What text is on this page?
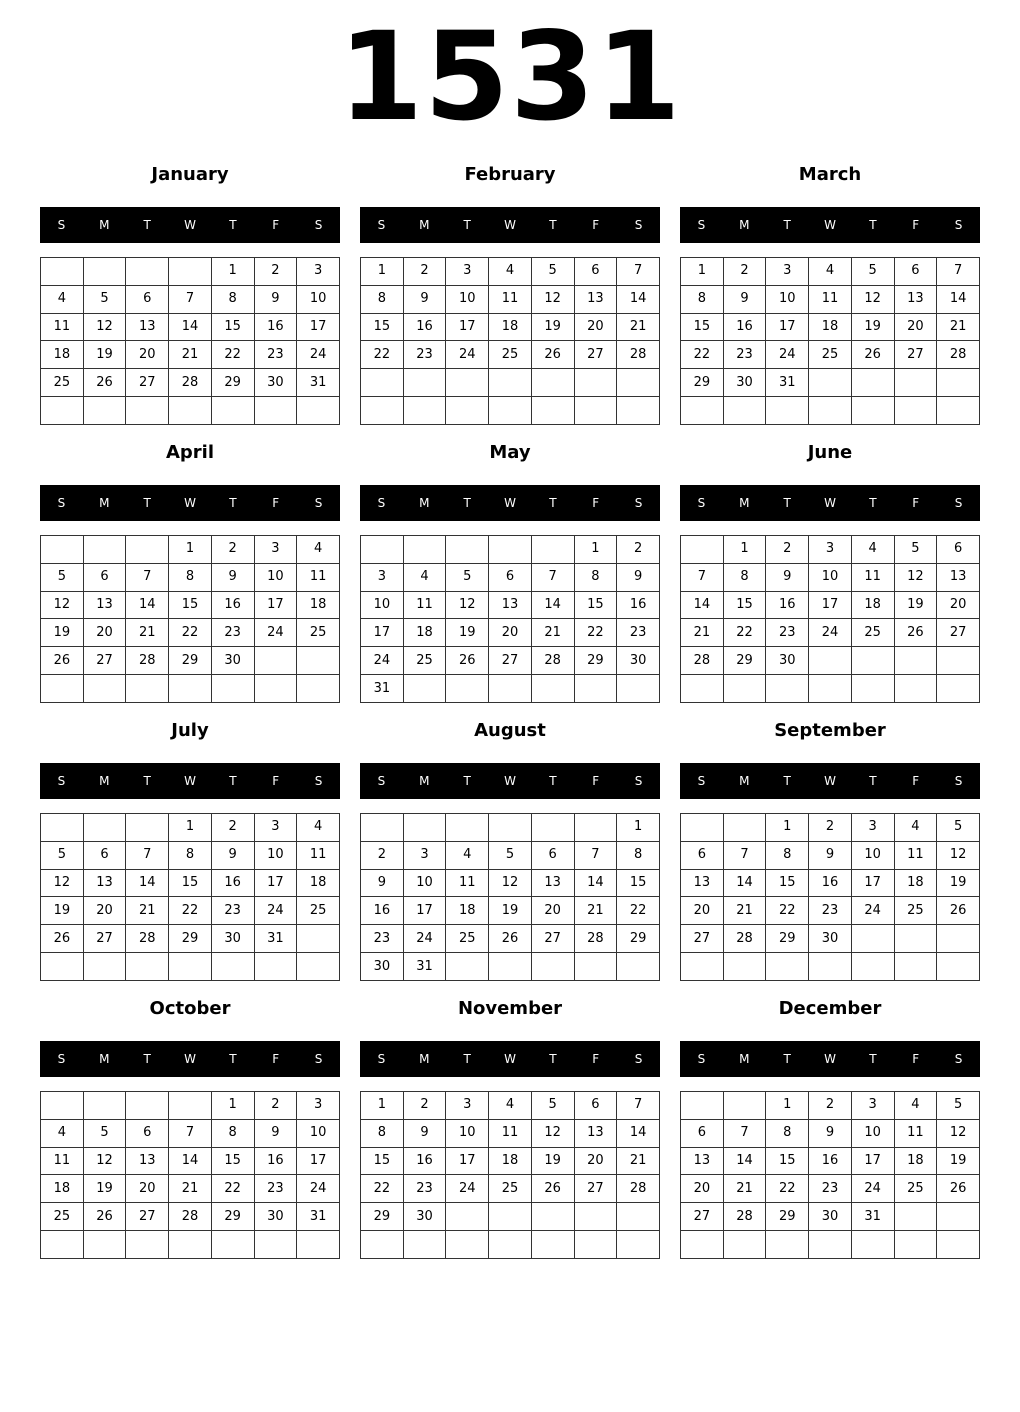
1531
January
S	M	T	W	T	F	S
				1	2	3
4	5	6	7	8	9	10
11	12	13	14	15	16	17
18	19	20	21	22	23	24
25	26	27	28	29	30	31

February
S	M	T	W	T	F	S
1	2	3	4	5	6	7
8	9	10	11	12	13	14
15	16	17	18	19	20	21
22	23	24	25	26	27	28

March
S	M	T	W	T	F	S
1	2	3	4	5	6	7
8	9	10	11	12	13	14
15	16	17	18	19	20	21
22	23	24	25	26	27	28
29	30	31				

April
S	M	T	W	T	F	S
			1	2	3	4
5	6	7	8	9	10	11
12	13	14	15	16	17	18
19	20	21	22	23	24	25
26	27	28	29	30		

May
S	M	T	W	T	F	S
					1	2
3	4	5	6	7	8	9
10	11	12	13	14	15	16
17	18	19	20	21	22	23
24	25	26	27	28	29	30
31						
June
S	M	T	W	T	F	S
	1	2	3	4	5	6
7	8	9	10	11	12	13
14	15	16	17	18	19	20
21	22	23	24	25	26	27
28	29	30				

July
S	M	T	W	T	F	S
			1	2	3	4
5	6	7	8	9	10	11
12	13	14	15	16	17	18
19	20	21	22	23	24	25
26	27	28	29	30	31	

August
S	M	T	W	T	F	S
						1
2	3	4	5	6	7	8
9	10	11	12	13	14	15
16	17	18	19	20	21	22
23	24	25	26	27	28	29
30	31					
September
S	M	T	W	T	F	S
		1	2	3	4	5
6	7	8	9	10	11	12
13	14	15	16	17	18	19
20	21	22	23	24	25	26
27	28	29	30			

October
S	M	T	W	T	F	S
				1	2	3
4	5	6	7	8	9	10
11	12	13	14	15	16	17
18	19	20	21	22	23	24
25	26	27	28	29	30	31

November
S	M	T	W	T	F	S
1	2	3	4	5	6	7
8	9	10	11	12	13	14
15	16	17	18	19	20	21
22	23	24	25	26	27	28
29	30					

December
S	M	T	W	T	F	S
		1	2	3	4	5
6	7	8	9	10	11	12
13	14	15	16	17	18	19
20	21	22	23	24	25	26
27	28	29	30	31		
